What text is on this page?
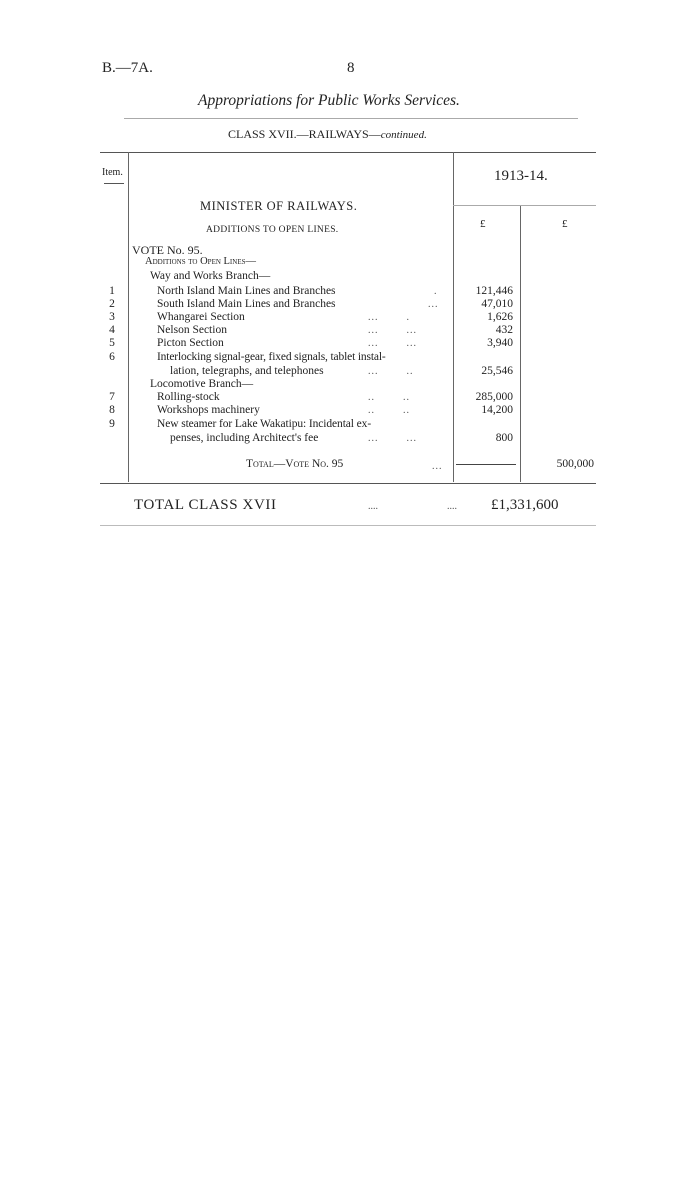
B.—7A.	8
Appropriations for Public Works Services.
CLASS XVII.—RAILWAYS—continued.
Item.	1913-14.
£	£
MINISTER OF RAILWAYS.
ADDITIONS TO OPEN LINES.
VOTE No. 95.
Additions to Open Lines—
Way and Works Branch—
1	North Island Main Lines and Branches	.	121,446
2	South Island Main Lines and Branches	...	47,010
3	Whangarei Section	...        .	1,626
4	Nelson Section	...        ...	432
5	Picton Section	...        ...	3,940
6	Interlocking signal-gear, fixed signals, tablet instal-
lation, telegraphs, and telephones	...        ..	25,546
Locomotive Branch—
7	Rolling-stock	..        ..	285,000
8	Workshops machinery	..        ..	14,200
9	New steamer for Lake Wakatipu: Incidental ex-
penses, including Architect's fee	...        ...	800
Total—Vote No. 95	...	500,000
TOTAL CLASS XVII	....	.... £1,331,600
